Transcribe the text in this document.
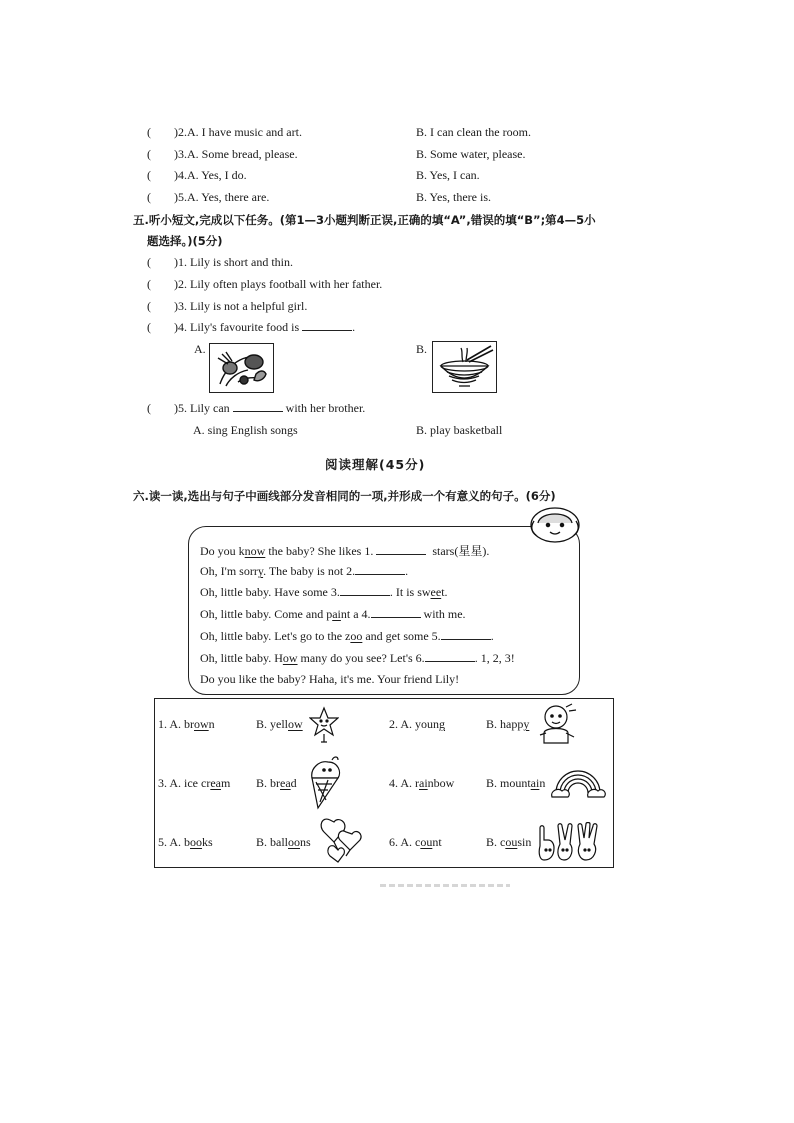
( )2.A. I have music and art.	B. I can clean the room.
( )3.A. Some bread, please.	B. Some water, please.
( )4.A. Yes, I do.	B. Yes, I can.
( )5.A. Yes, there are.	B. Yes, there is.
五.听小短文,完成以下任务。(第1—3小题判断正误,正确的填“A”,错误的填“B”;第4—5小
题选择。)(5分)
( )1. Lily is short and thin.
( )2. Lily often plays football with her father.
( )3. Lily is not a helpful girl.
( )4. Lily's favourite food is	.
A.	B.
( )5. Lily can	with her brother.
A. sing English songs	B. play basketball
阅读理解(45分)
六.读一读,选出与句子中画线部分发音相同的一项,并形成一个有意义的句子。(6分)
Do you know the baby? She likes 1.	stars(星星).
Oh, I'm sorry. The baby is not 2.	.
Oh, little baby. Have some 3.	. It is sweet.
Oh, little baby. Come and paint a 4.	with me.
Oh, little baby. Let's go to the zoo and get some 5.	.
Oh, little baby. How many do you see? Let's 6.	. 1, 2, 3!
Do you like the baby? Haha, it's me. Your friend Lily!
1. A. brown	B. yellow	2. A. young	B. happy
3. A. ice cream B. bread	4. A. rainbow	B. mountain
5. A. books	B. balloons	6. A. count	B. cousin
